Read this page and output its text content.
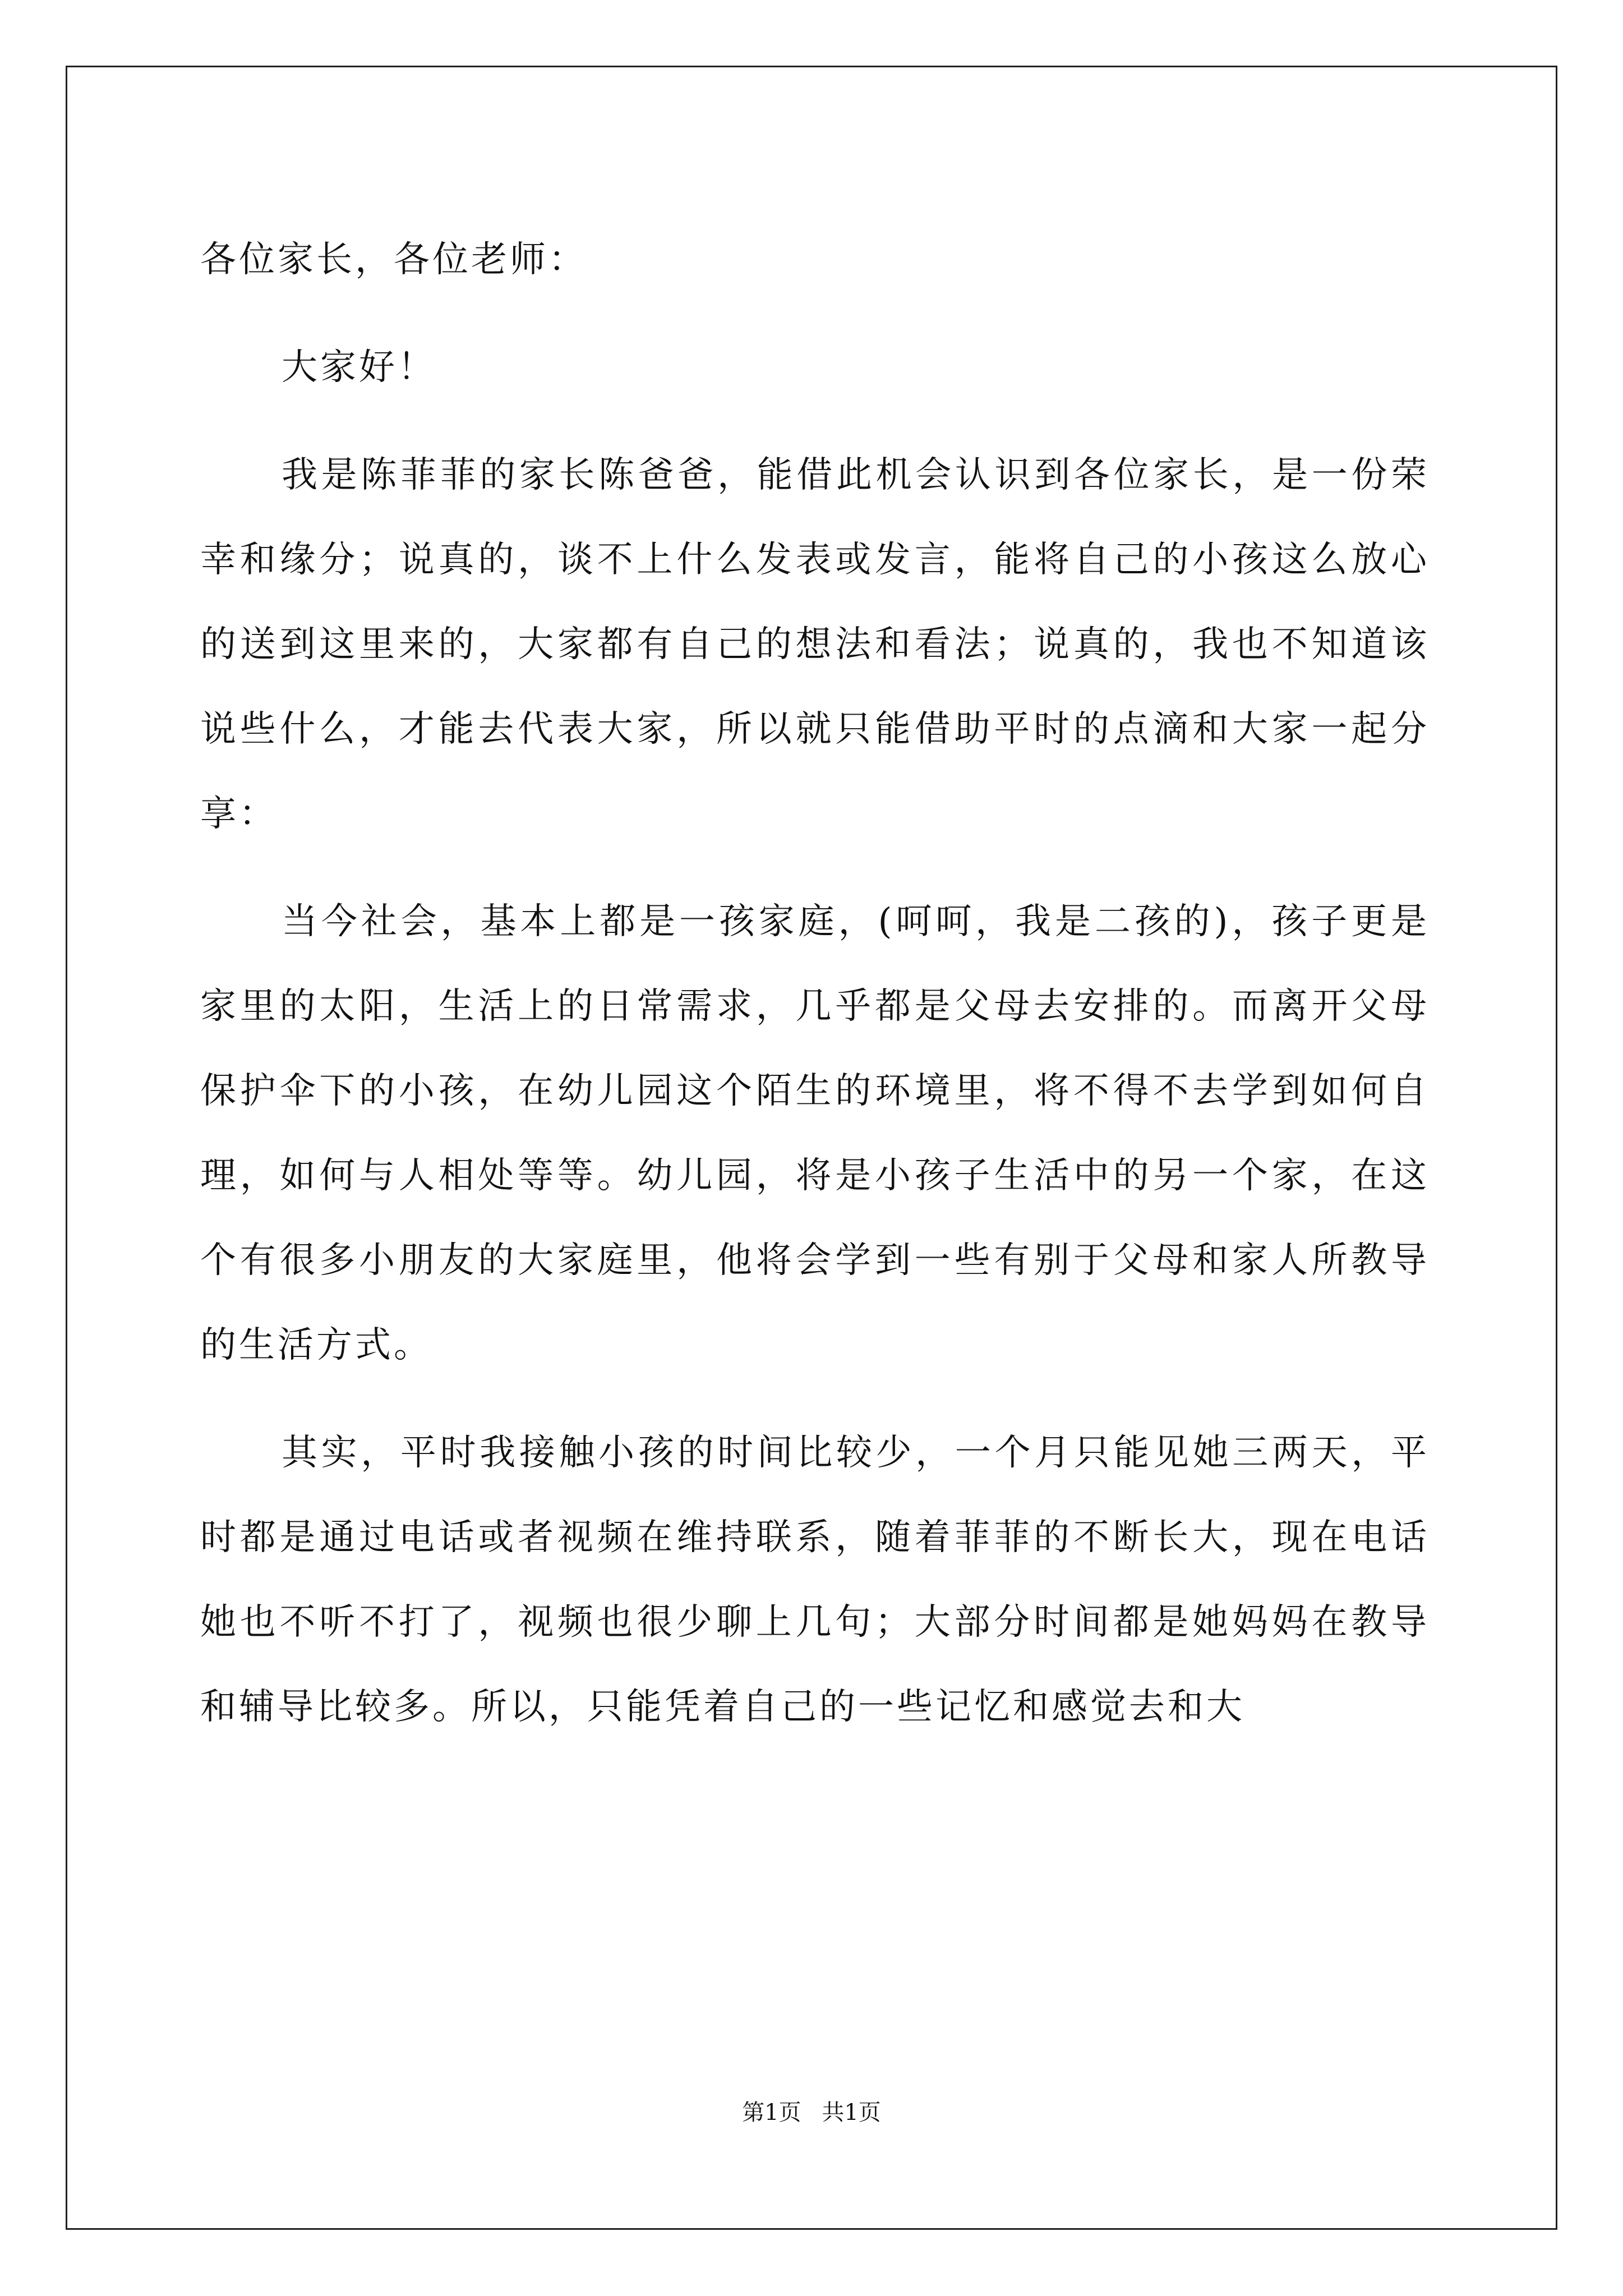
各位家长，各位老师：

大家好！

我是陈菲菲的家长陈爸爸，能借此机会认识到各位家长，是一份荣幸和缘分；说真的，谈不上什么发表或发言，能将自己的小孩这么放心的送到这里来的，大家都有自己的想法和看法；说真的，我也不知道该说些什么，才能去代表大家，所以就只能借助平时的点滴和大家一起分享：

当今社会，基本上都是一孩家庭，(呵呵，我是二孩的)，孩子更是家里的太阳，生活上的日常需求，几乎都是父母去安排的。而离开父母保护伞下的小孩，在幼儿园这个陌生的环境里，将不得不去学到如何自理，如何与人相处等等。幼儿园，将是小孩子生活中的另一个家，在这个有很多小朋友的大家庭里，他将会学到一些有别于父母和家人所教导的生活方式。

其实，平时我接触小孩的时间比较少，一个月只能见她三两天，平时都是通过电话或者视频在维持联系，随着菲菲的不断长大，现在电话她也不听不打了，视频也很少聊上几句；大部分时间都是她妈妈在教导和辅导比较多。所以，只能凭着自己的一些记忆和感觉去和大

第1页 共1页
